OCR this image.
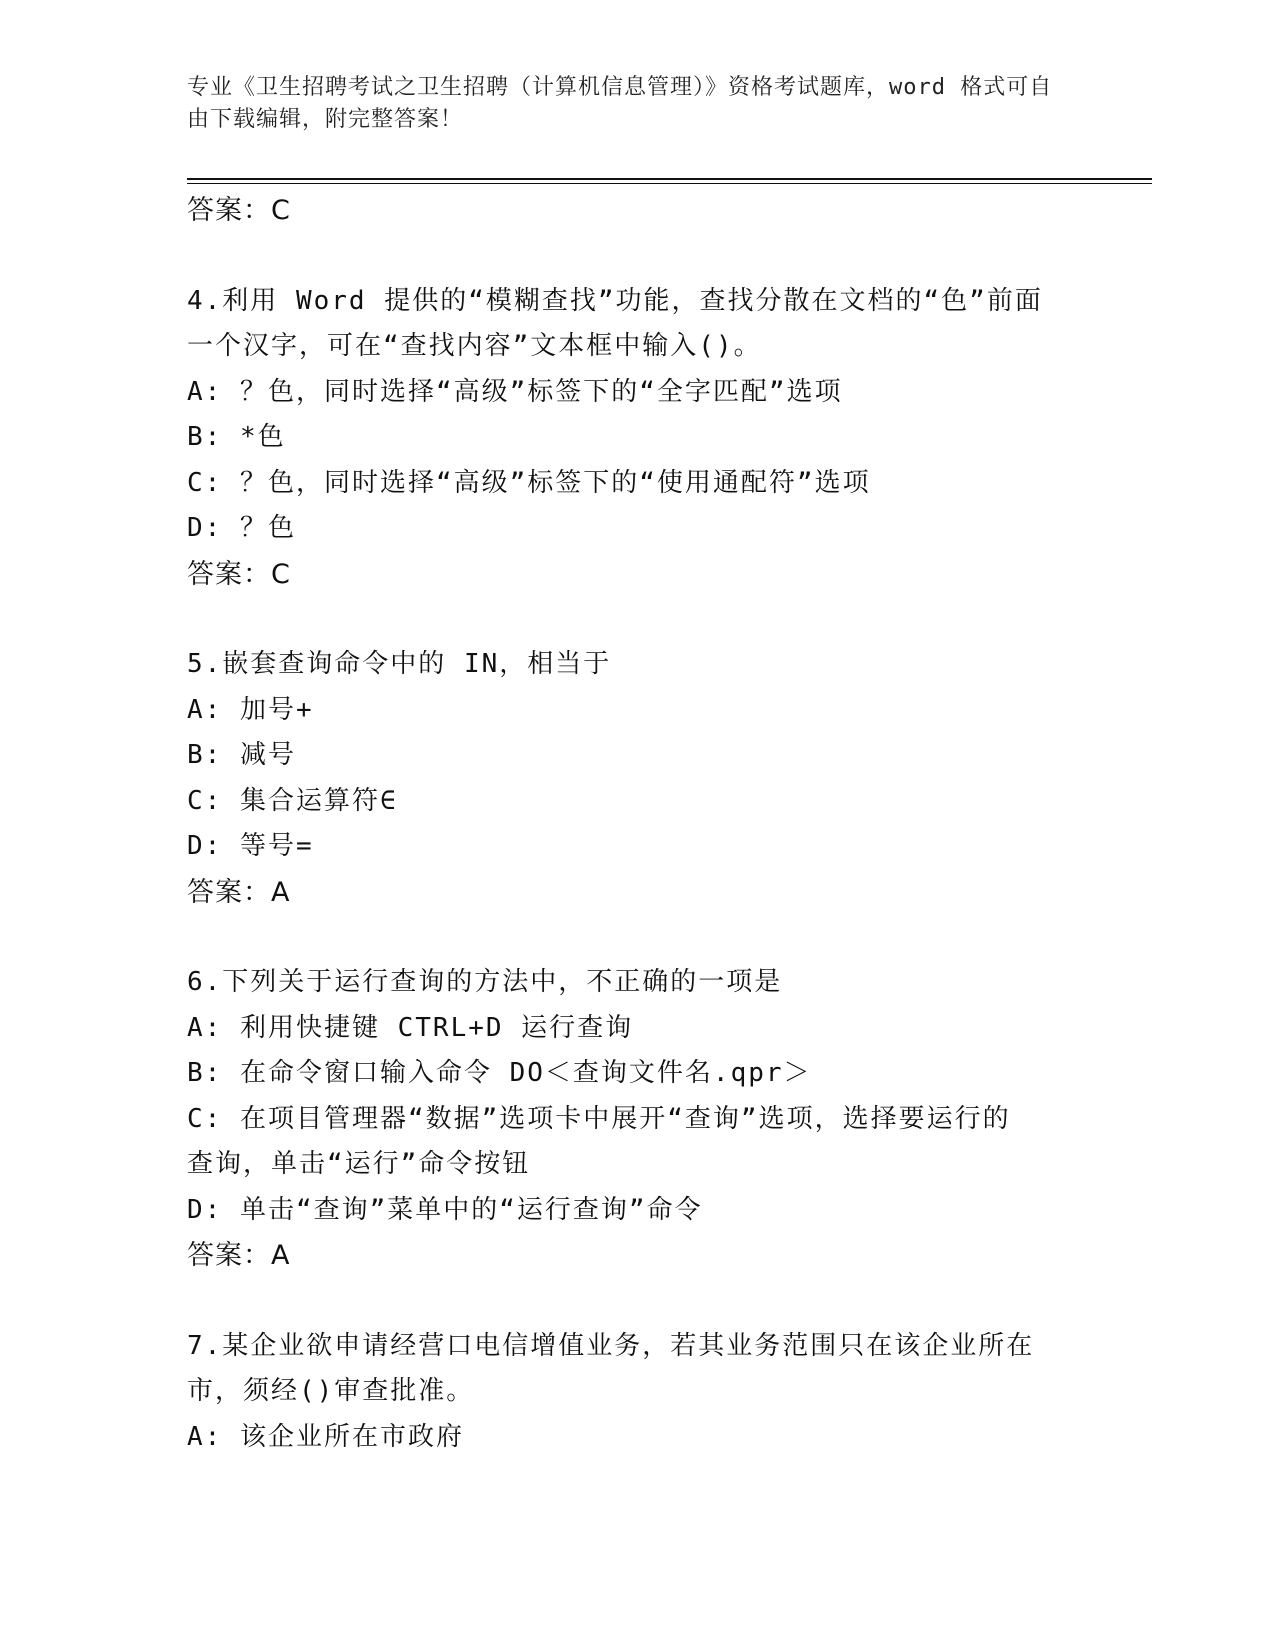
专业《卫生招聘考试之卫生招聘（计算机信息管理）》资格考试题库，word 格式可自由下载编辑，附完整答案！
答案：C
4.利用 Word 提供的“模糊查找”功能，查找分散在文档的“色”前面
一个汉字，可在“查找内容”文本框中输入()。
A: ？色，同时选择“高级”标签下的“全字匹配”选项
B: *色
C: ？色，同时选择“高级”标签下的“使用通配符”选项
D: ？色
答案：C
5.嵌套查询命令中的 IN，相当于
A: 加号+
B: 减号
C: 集合运算符∈
D: 等号=
答案：A
6.下列关于运行查询的方法中，不正确的一项是
A: 利用快捷键 CTRL+D 运行查询
B: 在命令窗口输入命令 DO＜查询文件名.qpr＞
C: 在项目管理器“数据”选项卡中展开“查询”选项，选择要运行的
查询，单击“运行”命令按钮
D: 单击“查询”菜单中的“运行查询”命令
答案：A
7.某企业欲申请经营口电信增值业务，若其业务范围只在该企业所在
市，须经()审查批准。
A: 该企业所在市政府
